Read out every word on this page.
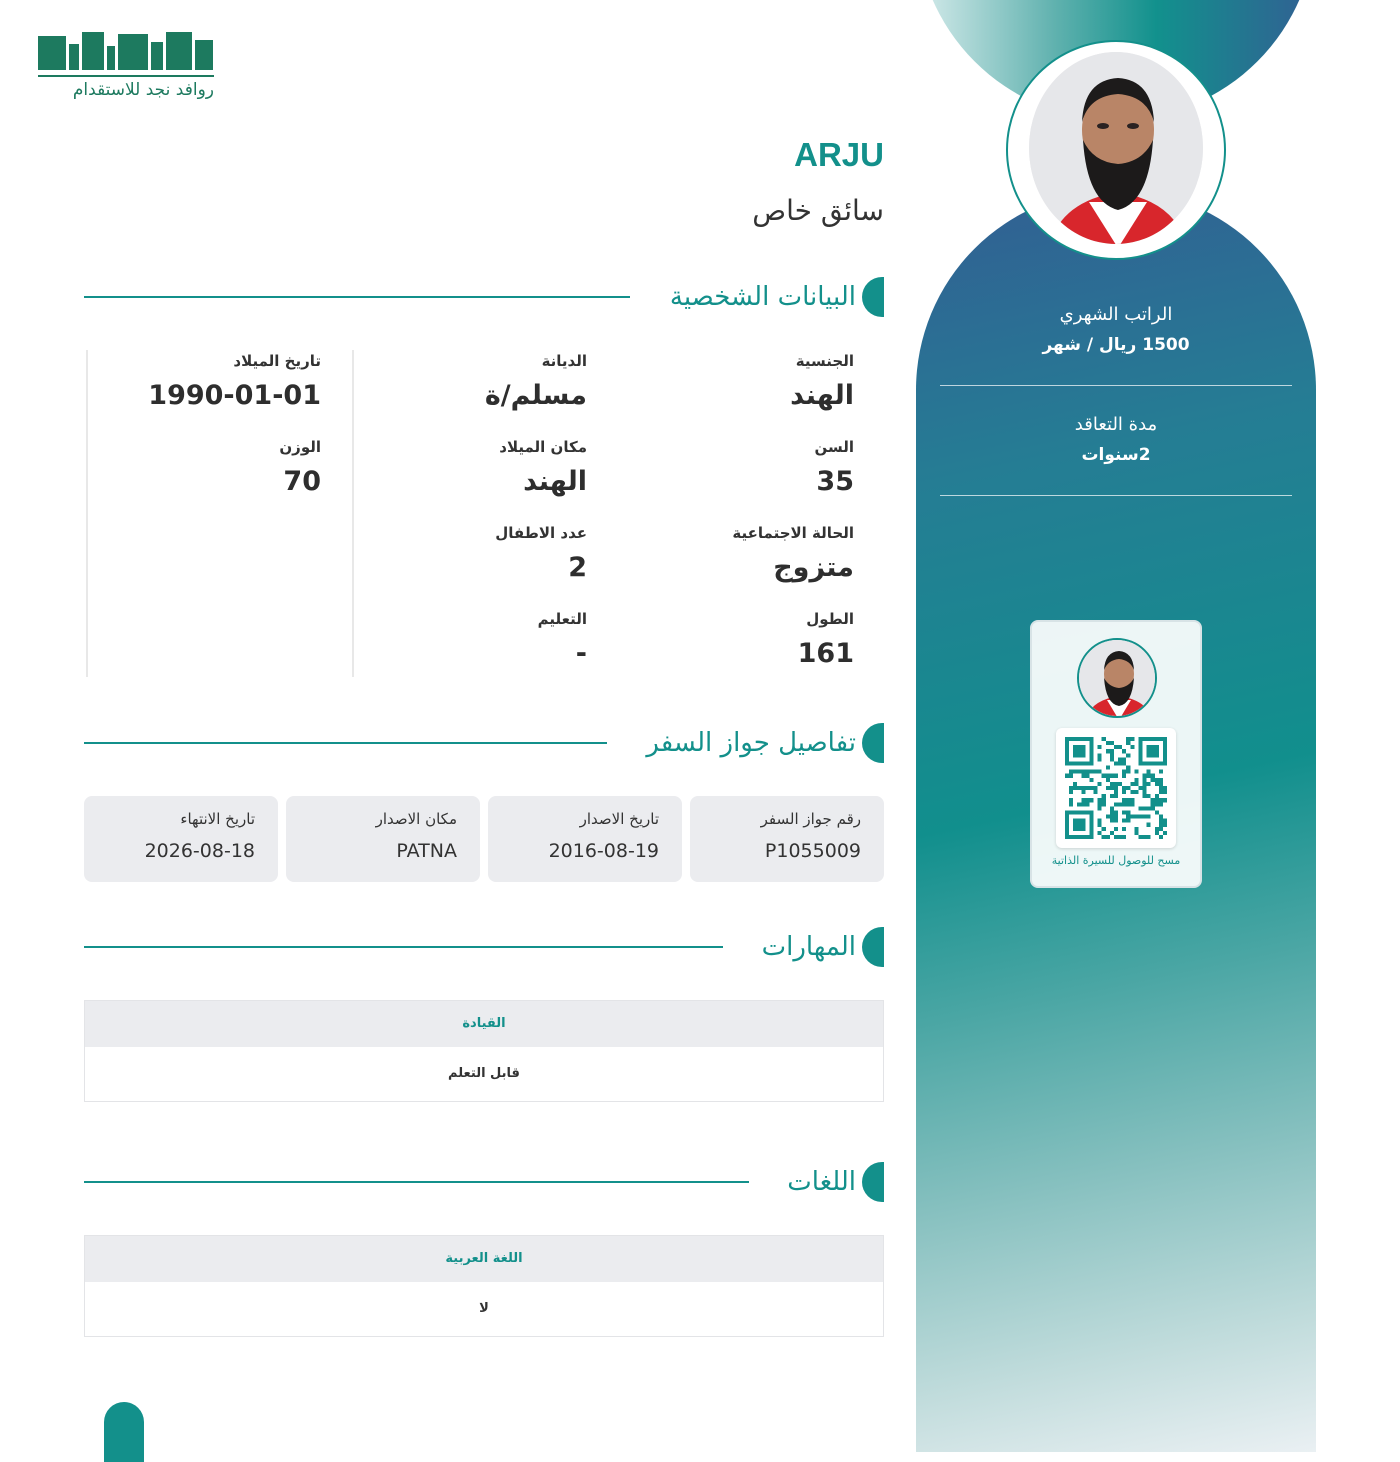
روافد نجد للاستقدام
الراتب الشهري
1500 ريال / شهر
مدة التعاقد
2سنوات
مسح للوصول للسيرة الذاتية
ARJU
سائق خاص
البيانات الشخصية
الجنسية
الهند
السن
35
الحالة الاجتماعية
متزوج
الطول
161
الديانة
مسلم/ة
مكان الميلاد
الهند
عدد الاطفال
2
التعليم
-
تاريخ الميلاد
1990-01-01
الوزن
70
تفاصيل جواز السفر
رقم جواز السفر
P1055009
تاريخ الاصدار
2016-08-19
مكان الاصدار
PATNA
تاريخ الانتهاء
2026-08-18
المهارات
القيادة
قابل التعلم
اللغات
اللغة العربية
لا
